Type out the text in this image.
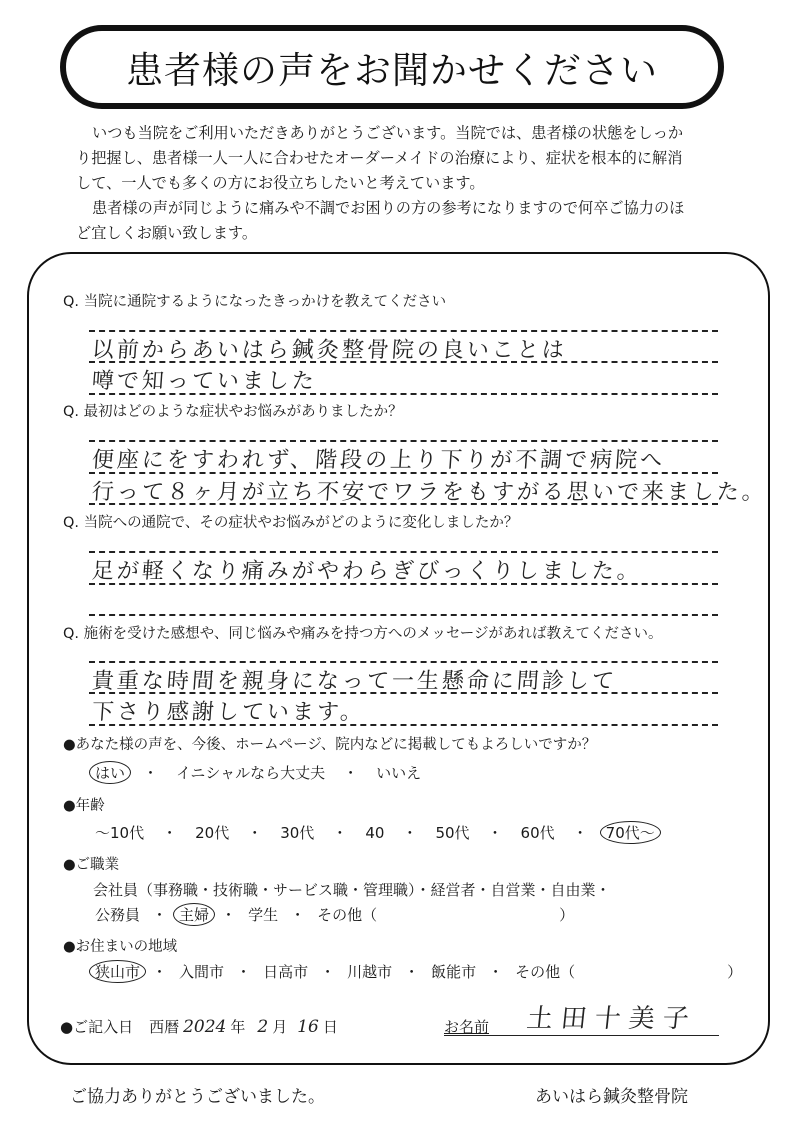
患者様の声をお聞かせください

いつも当院をご利用いただきありがとうございます。当院では、患者様の状態をしっか

り把握し、患者様一人一人に合わせたオーダーメイドの治療により、症状を根本的に解消

して、一人でも多くの方にお役立ちしたいと考えています。

患者様の声が同じように痛みや不調でお困りの方の参考になりますので何卒ご協力のほ

ど宜しくお願い致します。

Q. 当院に通院するようになったきっかけを教えてください
以前からあいはら鍼灸整骨院の良いことは
噂で知っていました
Q. 最初はどのような症状やお悩みがありましたか？
便座にをすわれず、階段の上り下りが不調で病院へ
行って８ヶ月が立ち不安でワラをもすがる思いで来ました。
Q. 当院への通院で、その症状やお悩みがどのように変化しましたか？
足が軽くなり痛みがやわらぎびっくりしました。
Q. 施術を受けた感想や、同じ悩みや痛みを持つ方へのメッセージがあれば教えてください。
貴重な時間を親身になって一生懸命に問診して
下さり感謝しています。
●あなた様の声を、今後、ホームページ、院内などに掲載してもよろしいですか？
はい	・ イニシャルなら大丈夫 ・ いいえ
●年齢
～10代 ・ 20代 ・ 30代 ・ 40 ・ 50代 ・ 60代 ・	70代～
●ご職業
会社員（事務職・技術職・サービス職・管理職）・経営者・自営業・自由業・
公務員 ・ 主婦 ・ 学生 ・ その他（	）
●お住まいの地域
狭山市 ・ 入間市 ・ 日高市 ・ 川越市 ・ 飯能市 ・ その他（	）
●ご記入日 西暦 2024 年 2 月 16 日	お名前 土田十美子
ご協力ありがとうございました。	あいはら鍼灸整骨院
